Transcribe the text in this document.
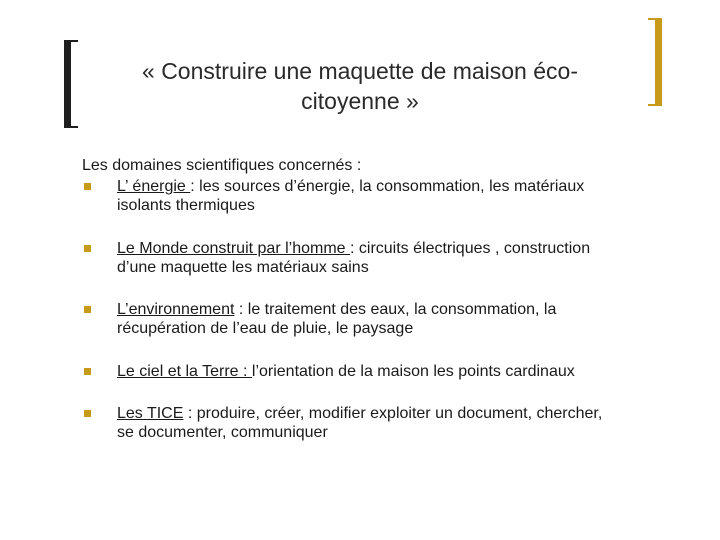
« Construire une maquette de maison éco-
citoyenne »
Les domaines scientifiques concernés :
L’ énergie : les sources d’énergie, la consommation, les matériaux
isolants thermiques
Le Monde construit par l’homme : circuits électriques , construction
d’une maquette les matériaux sains
L’environnement : le traitement des eaux, la consommation, la
récupération de l’eau de pluie, le paysage
Le ciel et la Terre : l’orientation de la maison les points cardinaux
Les TICE : produire, créer, modifier exploiter un document, chercher,
se documenter, communiquer
